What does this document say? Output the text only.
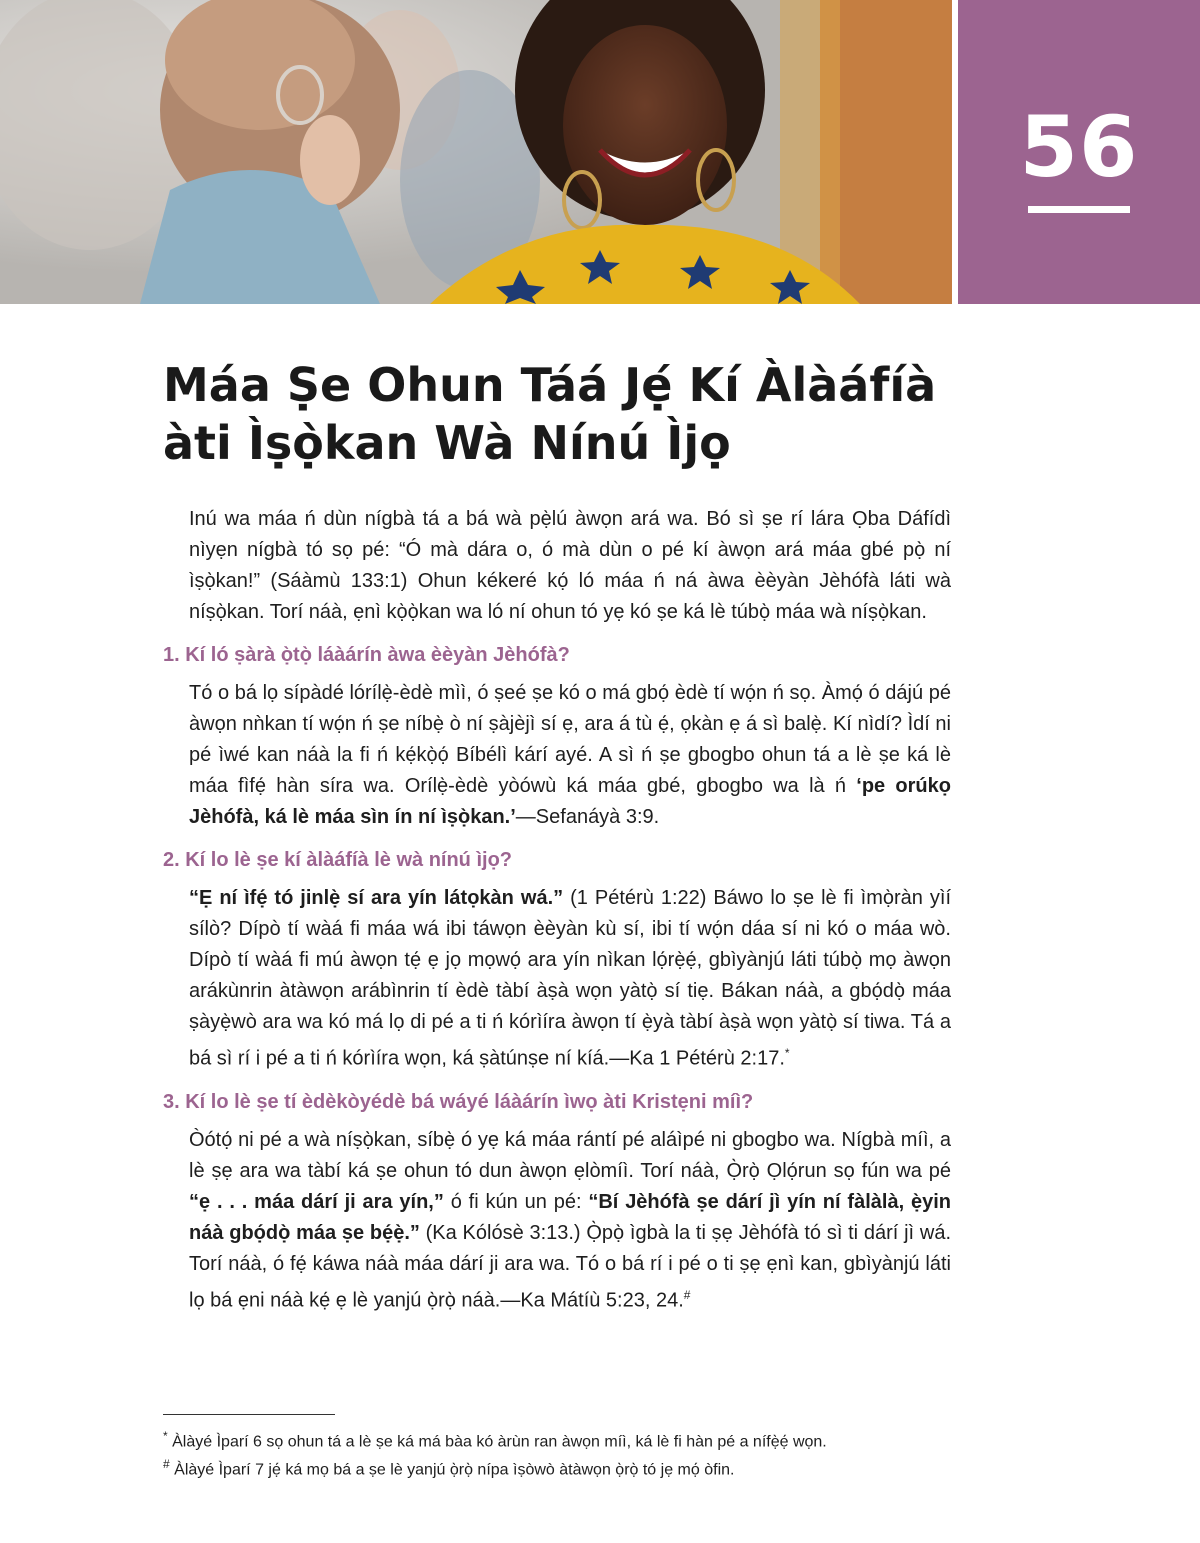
56
Máa Ṣe Ohun Táá Jẹ́ Kí Àlàáfíà
àti Ìṣọ̀kan Wà Nínú Ìjọ

Inú wa máa ń dùn nígbà tá a bá wà pẹ̀lú àwọn ará wa. Bó sì ṣe rí lára Ọba Dáfídì nìyẹn nígbà tó sọ pé: “Ó mà dára o, ó mà dùn o pé kí àwọn ará máa gbé pọ̀ ní ìṣọ̀kan!” (Sáàmù 133:1) Ohun kékeré kọ́ ló máa ń ná àwa èèyàn Jèhófà láti wà níṣọ̀kan. Torí náà, ẹnì kọ̀ọ̀kan wa ló ní ohun tó yẹ kó ṣe ká lè túbọ̀ máa wà níṣọ̀kan.

1. Kí ló ṣàrà ọ̀tọ̀ láàárín àwa èèyàn Jèhófà?

Tó o bá lọ sípàdé lórílẹ̀-èdè mìì, ó ṣeé ṣe kó o má gbọ́ èdè tí wọ́n ń sọ. Àmọ́ ó dájú pé àwọn nǹkan tí wọ́n ń ṣe níbẹ̀ ò ní ṣàjèjì sí ẹ, ara á tù ẹ́, ọkàn ẹ á sì balẹ̀. Kí nìdí? Ìdí ni pé ìwé kan náà la fi ń kẹ́kọ̀ọ́ Bíbélì kárí ayé. A sì ń ṣe gbogbo ohun tá a lè ṣe ká lè máa fìfẹ́ hàn síra wa. Orílẹ̀-èdè yòówù ká máa gbé, gbogbo wa là ń ‘pe orúkọ Jèhófà, ká lè máa sìn ín ní ìṣọ̀kan.’—Sefanáyà 3:9.

2. Kí lo lè ṣe kí àlàáfíà lè wà nínú ìjọ?

“Ẹ ní ìfẹ́ tó jinlẹ̀ sí ara yín látọkàn wá.” (1 Pétérù 1:22) Báwo lo ṣe lè fi ìmọ̀ràn yìí sílò? Dípò tí wàá fi máa wá ibi táwọn èèyàn kù sí, ibi tí wọ́n dáa sí ni kó o máa wò. Dípò tí wàá fi mú àwọn tẹ́ ẹ jọ mọwọ́ ara yín nìkan lọ́rẹ̀ẹ́, gbìyànjú láti túbọ̀ mọ àwọn arákùnrin àtàwọn arábìnrin tí èdè tàbí àṣà wọn yàtọ̀ sí tiẹ. Bákan náà, a gbọ́dọ̀ máa ṣàyẹ̀wò ara wa kó má lọ di pé a ti ń kórìíra àwọn tí ẹ̀yà tàbí àṣà wọn yàtọ̀ sí tiwa. Tá a bá sì rí i pé a ti ń kórìíra wọn, ká ṣàtúnṣe ní kíá.—Ka 1 Pétérù 2:17.*

3. Kí lo lè ṣe tí èdèkòyédè bá wáyé láàárín ìwọ àti Kristẹni míì?

Òótọ́ ni pé a wà níṣọ̀kan, síbẹ̀ ó yẹ ká máa rántí pé aláìpé ni gbogbo wa. Nígbà míì, a lè ṣẹ ara wa tàbí ká ṣe ohun tó dun àwọn ẹlòmíì. Torí náà, Ọ̀rọ̀ Ọlọ́run sọ fún wa pé “ẹ . . . máa dárí ji ara yín,” ó fi kún un pé: “Bí Jèhófà ṣe dárí jì yín ní fàlàlà, ẹ̀yin náà gbọ́dọ̀ máa ṣe bẹ́ẹ̀.” (Ka Kólósè 3:13.) Ọ̀pọ̀ ìgbà la ti ṣẹ Jèhófà tó sì ti dárí jì wá. Torí náà, ó fẹ́ káwa náà máa dárí ji ara wa. Tó o bá rí i pé o ti ṣẹ ẹnì kan, gbìyànjú láti lọ bá ẹni náà kẹ́ ẹ lè yanjú ọ̀rọ̀ náà.—Ka Mátíù 5:23, 24.#

* Àlàyé Ìparí 6 sọ ohun tá a lè ṣe ká má bàa kó àrùn ran àwọn míì, ká lè fi hàn pé a nífẹ̀ẹ́ wọn.

# Àlàyé Ìparí 7 jẹ́ ká mọ bá a ṣe lè yanjú ọ̀rọ̀ nípa ìṣòwò àtàwọn ọ̀rọ̀ tó jẹ mọ́ òfin.
